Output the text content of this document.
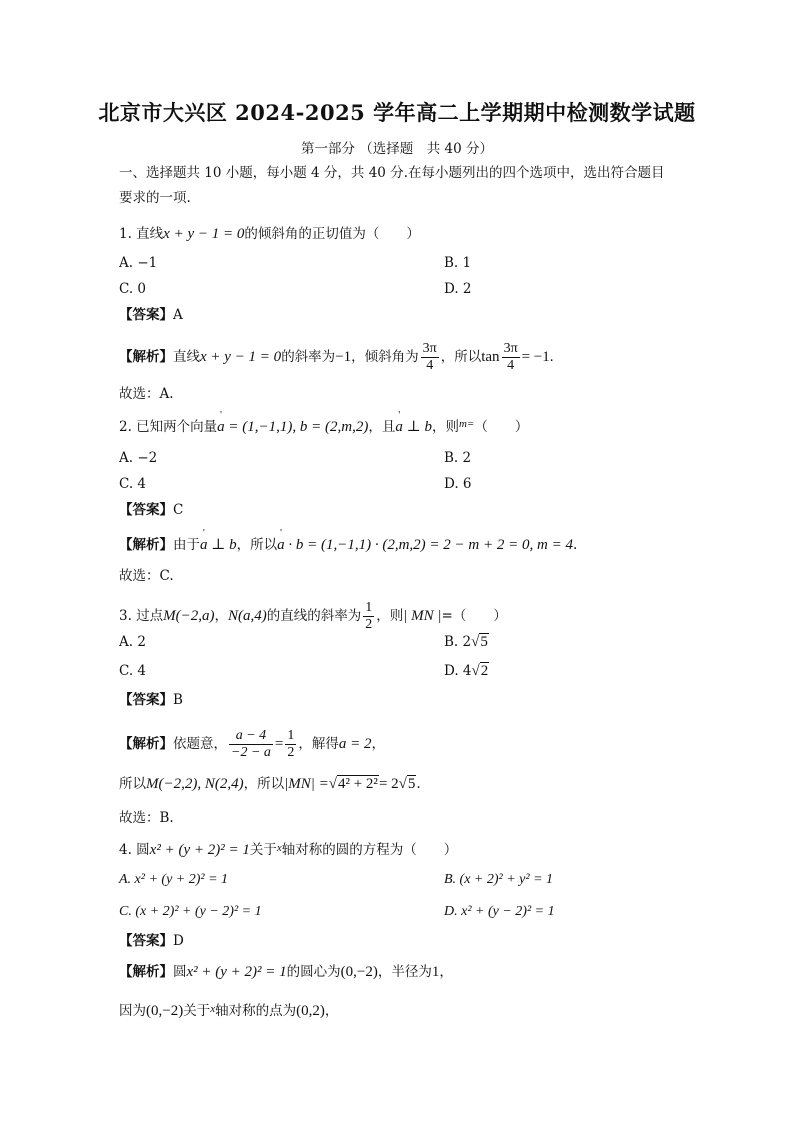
北京市大兴区 2024-2025 学年高二上学期期中检测数学试题
第一部分 （选择题　共 40 分）
一、选择题共 10 小题，每小题 4 分，共 40 分.在每小题列出的四个选项中，选出符合题目
要求的一项.
1. 直线x + y − 1 = 0的倾斜角的正切值为（　　）
A. −1	B. 1
C. 0	D. 2
【答案】A
【解析】直线x + y − 1 = 0的斜率为−1，倾斜角为 $\frac{3\pi}{4}$ ，所以$\tan \frac{3\pi}{4} = -1$.
故选：A.
2. 已知两个向量' a = (1,−1,1), b = (2,m,2)，且' a ⊥ b，则$^{m=}$（　　）
A. −2	B. 2
C. 4	D. 6
【答案】C
【解析】由于' a ⊥ b，所以' a · b = (1,−1,1) · (2,m,2) = 2 − m + 2 = 0, m = 4.
故选：C.
3. 过点M(−2,a)，N(a,4)的直线的斜率为 $\frac{1}{2}$ ，则| MN |=（　　）
A. 2	B. 2√5
C. 4	D. 4√2
【答案】B
【解析】依题意， $\frac{a - 4}{-2 - a} = \frac{1}{2}$ ，解得a = 2，
所以M(−2,2), N(2,4)，所以|MN| =√4² + 2²= 2√5.
故选：B.
4. 圆x² + (y + 2)² = 1关于$^x$轴对称的圆的方程为（　　）
A. x² + (y + 2)² = 1	B. (x + 2)² + y² = 1
C. (x + 2)² + (y − 2)² = 1	D. x² + (y − 2)² = 1
【答案】D
【解析】圆x² + (y + 2)² = 1的圆心为(0,−2)，半径为1，
因为(0,−2)关于$^x$轴对称的点为(0,2)，
